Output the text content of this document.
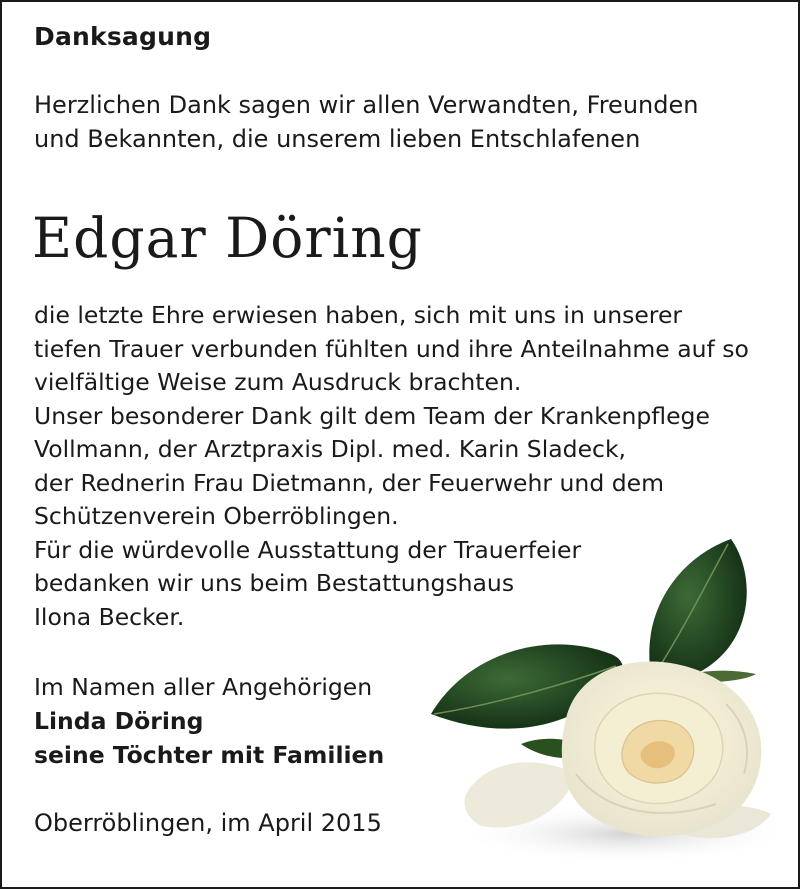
Danksagung
Herzlichen Dank sagen wir allen Verwandten, Freunden
und Bekannten, die unserem lieben Entschlafenen
Edgar Döring
die letzte Ehre erwiesen haben, sich mit uns in unserer
tiefen Trauer verbunden fühlten und ihre Anteilnahme auf so
vielfältige Weise zum Ausdruck brachten.
Unser besonderer Dank gilt dem Team der Krankenpflege
Vollmann, der Arztpraxis Dipl. med. Karin Sladeck,
der Rednerin Frau Dietmann, der Feuerwehr und dem
Schützenverein Oberröblingen.
Für die würdevolle Ausstattung der Trauerfeier
bedanken wir uns beim Bestattungshaus
Ilona Becker.
Im Namen aller Angehörigen
Linda Döring
seine Töchter mit Familien
Oberröblingen, im April 2015
